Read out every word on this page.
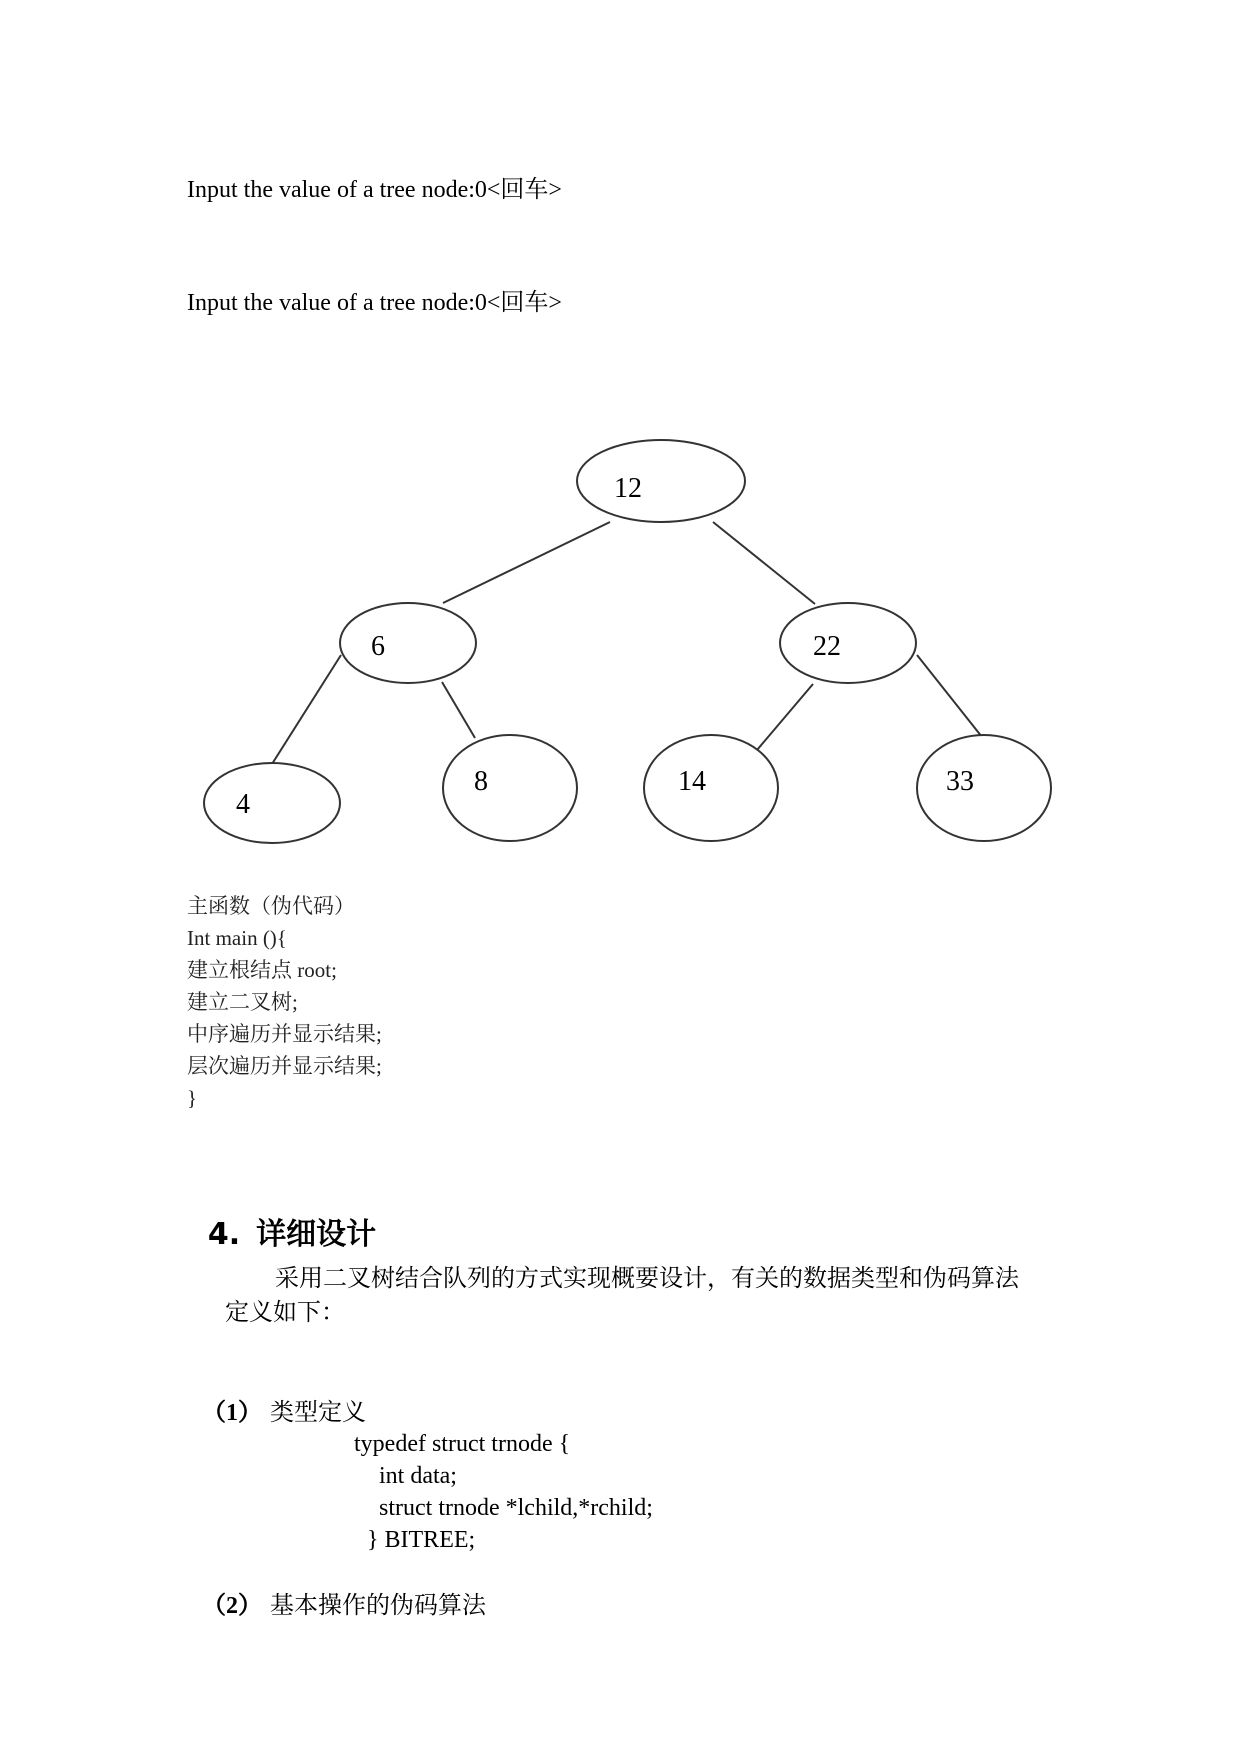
Input the value of a tree node:0<回车>
Input the value of a tree node:0<回车>
12
6	22
4
8	14	33
主函数（伪代码）
Int main (){
建立根结点 root;
建立二叉树;
中序遍历并显示结果;
层次遍历并显示结果;
}

4. 详细设计

采用二叉树结合队列的方式实现概要设计，有关的数据类型和伪码算法
定义如下：

（1） 类型定义

typedef struct trnode {
int data;
struct trnode *lchild,*rchild;
} BITREE;

（2） 基本操作的伪码算法
